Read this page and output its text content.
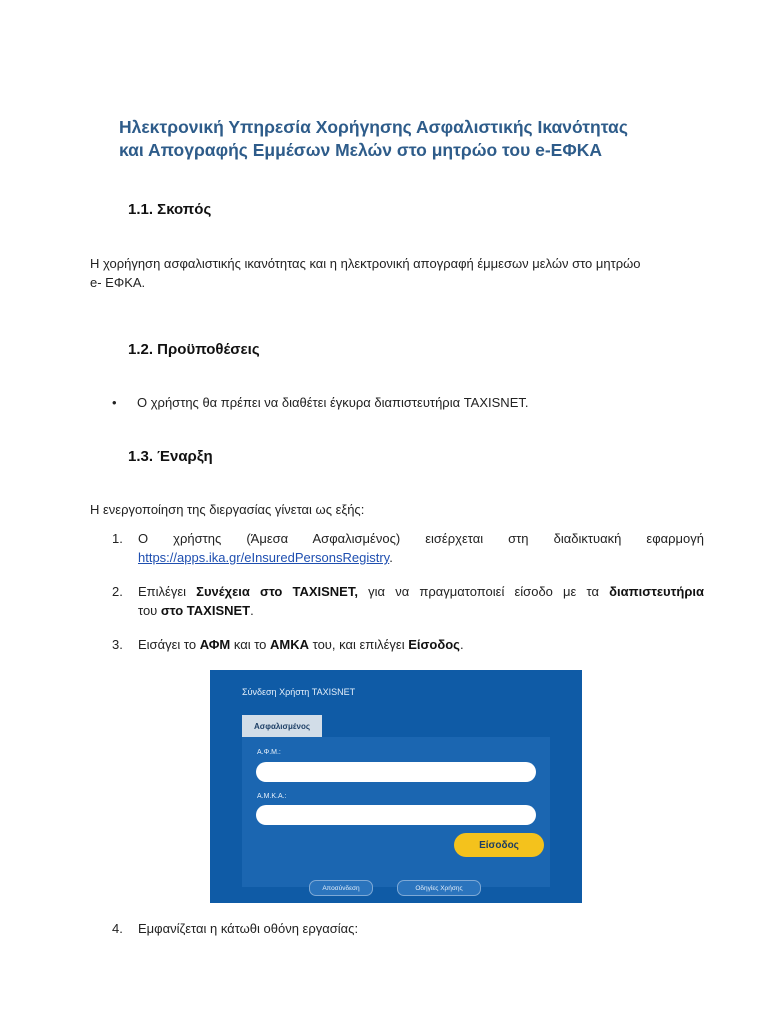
Ηλεκτρονική Υπηρεσία Χορήγησης Ασφαλιστικής Ικανότητας
και Απογραφής Εμμέσων Μελών στο μητρώο του e-ΕΦΚΑ
1.1. Σκοπός
Η χορήγηση ασφαλιστικής ικανότητας και η ηλεκτρονική απογραφή έμμεσων μελών στο μητρώο
e- ΕΦΚΑ.
1.2. Προϋποθέσεις
• Ο χρήστης θα πρέπει να διαθέτει έγκυρα διαπιστευτήρια TAXISNET.
1.3. Έναρξη
Η ενεργοποίηση της διεργασίας γίνεται ως εξής:
1.	Ο χρήστης (Άμεσα Ασφαλισμένος) εισέρχεται στη διαδικτυακή εφαρμογή
https://apps.ika.gr/eInsuredPersonsRegistry.
2.	Επιλέγει Συνέχεια στο TAXISNET, για να πραγματοποιεί είσοδο με τα διαπιστευτήρια
του στο TAXISNET.
3.	Εισάγει το ΑΦΜ και το ΑΜΚΑ του, και επιλέγει Είσοδος.
4.	Εμφανίζεται η κάτωθι οθόνη εργασίας:
Σύνδεση Χρήστη TAXISNET
Ασφαλισμένος
Α.Φ.Μ.:
Α.Μ.Κ.Α.:
Είσοδος
Αποσύνδεση	Οδηγίες Χρήσης
